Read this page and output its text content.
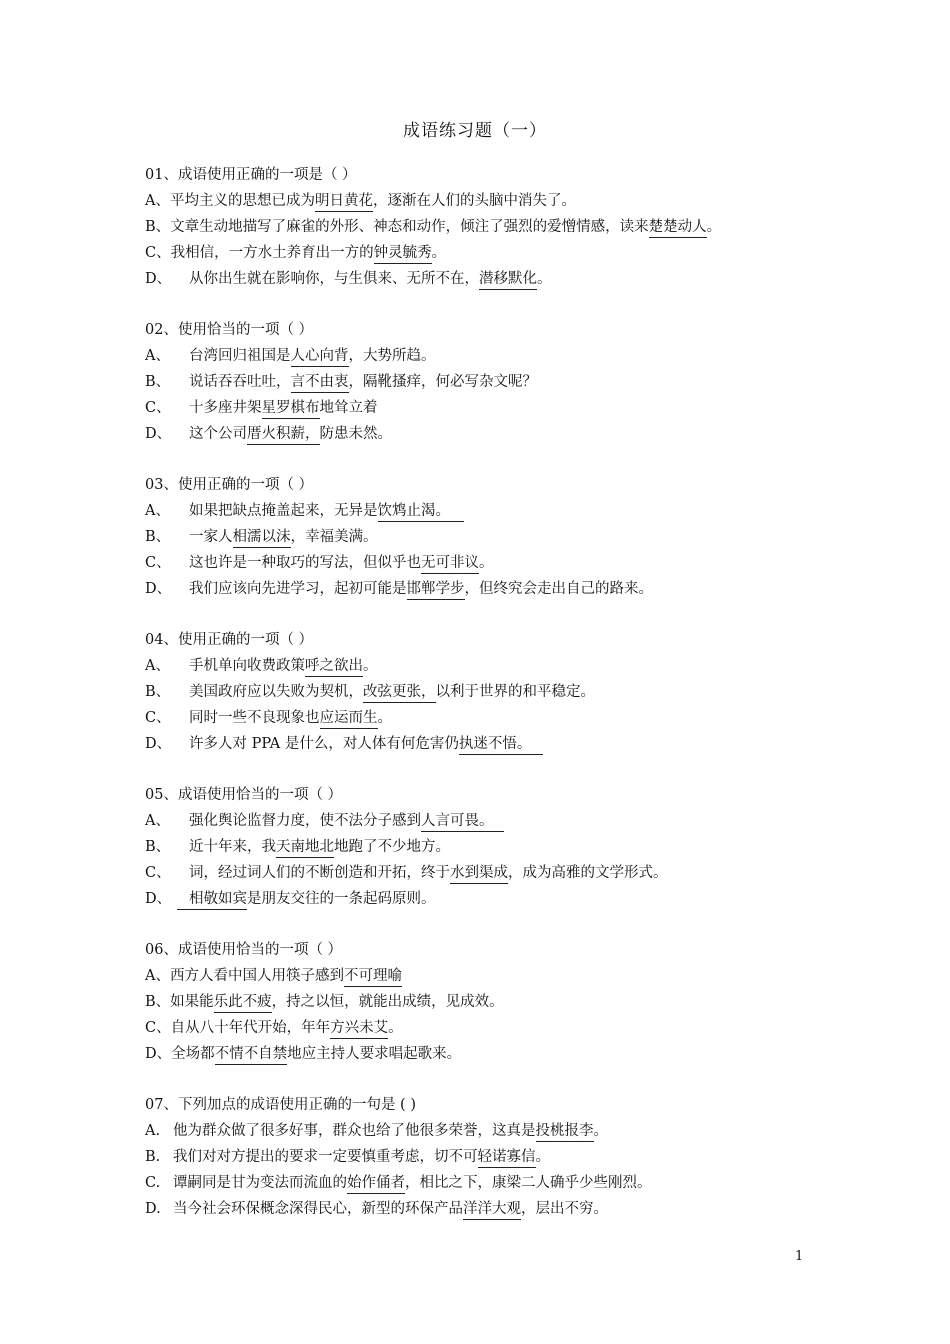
成语练习题（一）
01、成语使用正确的一项是（ ）
A、平均主义的思想已成为明日黄花，逐渐在人们的头脑中消失了。
B、文章生动地描写了麻雀的外形、神态和动作，倾注了强烈的爱憎情感，读来楚楚动人。
C、我相信，一方水土养育出一方的钟灵毓秀。
D、 从你出生就在影响你，与生俱来、无所不在，潜移默化。
02、使用恰当的一项（ ）
A、 台湾回归祖国是人心向背，大势所趋。
B、 说话吞吞吐吐，言不由衷，隔靴搔痒，何必写杂文呢？
C、 十多座井架星罗棋布地耸立着
D、 这个公司厝火积薪，防患未然。
03、使用正确的一项（ ）
A、 如果把缺点掩盖起来，无异是饮鸩止渴。
B、 一家人相濡以沫，幸福美满。
C、 这也许是一种取巧的写法，但似乎也无可非议。
D、 我们应该向先进学习，起初可能是邯郸学步，但终究会走出自己的路来。
04、使用正确的一项（ ）
A、 手机单向收费政策呼之欲出。
B、 美国政府应以失败为契机，改弦更张，以利于世界的和平稳定。
C、 同时一些不良现象也应运而生。
D、 许多人对 PPA 是什么，对人体有何危害仍执迷不悟。
05、成语使用恰当的一项（ ）
A、 强化舆论监督力度，使不法分子感到人言可畏。
B、 近十年来，我天南地北地跑了不少地方。
C、 词，经过词人们的不断创造和开拓，终于水到渠成，成为高雅的文学形式。
D、 相敬如宾是朋友交往的一条起码原则。
06、成语使用恰当的一项（ ）
A、西方人看中国人用筷子感到不可理喻
B、如果能乐此不疲，持之以恒，就能出成绩，见成效。
C、自从八十年代开始，年年方兴未艾。
D、全场都不情不自禁地应主持人要求唱起歌来。
07、下列加点的成语使用正确的一句是 ( )
A. 他为群众做了很多好事，群众也给了他很多荣誉，这真是投桃报李。
B. 我们对对方提出的要求一定要慎重考虑，切不可轻诺寡信。
C. 谭嗣同是甘为变法而流血的始作俑者，相比之下，康梁二人确乎少些刚烈。
D. 当今社会环保概念深得民心，新型的环保产品洋洋大观，层出不穷。
1
